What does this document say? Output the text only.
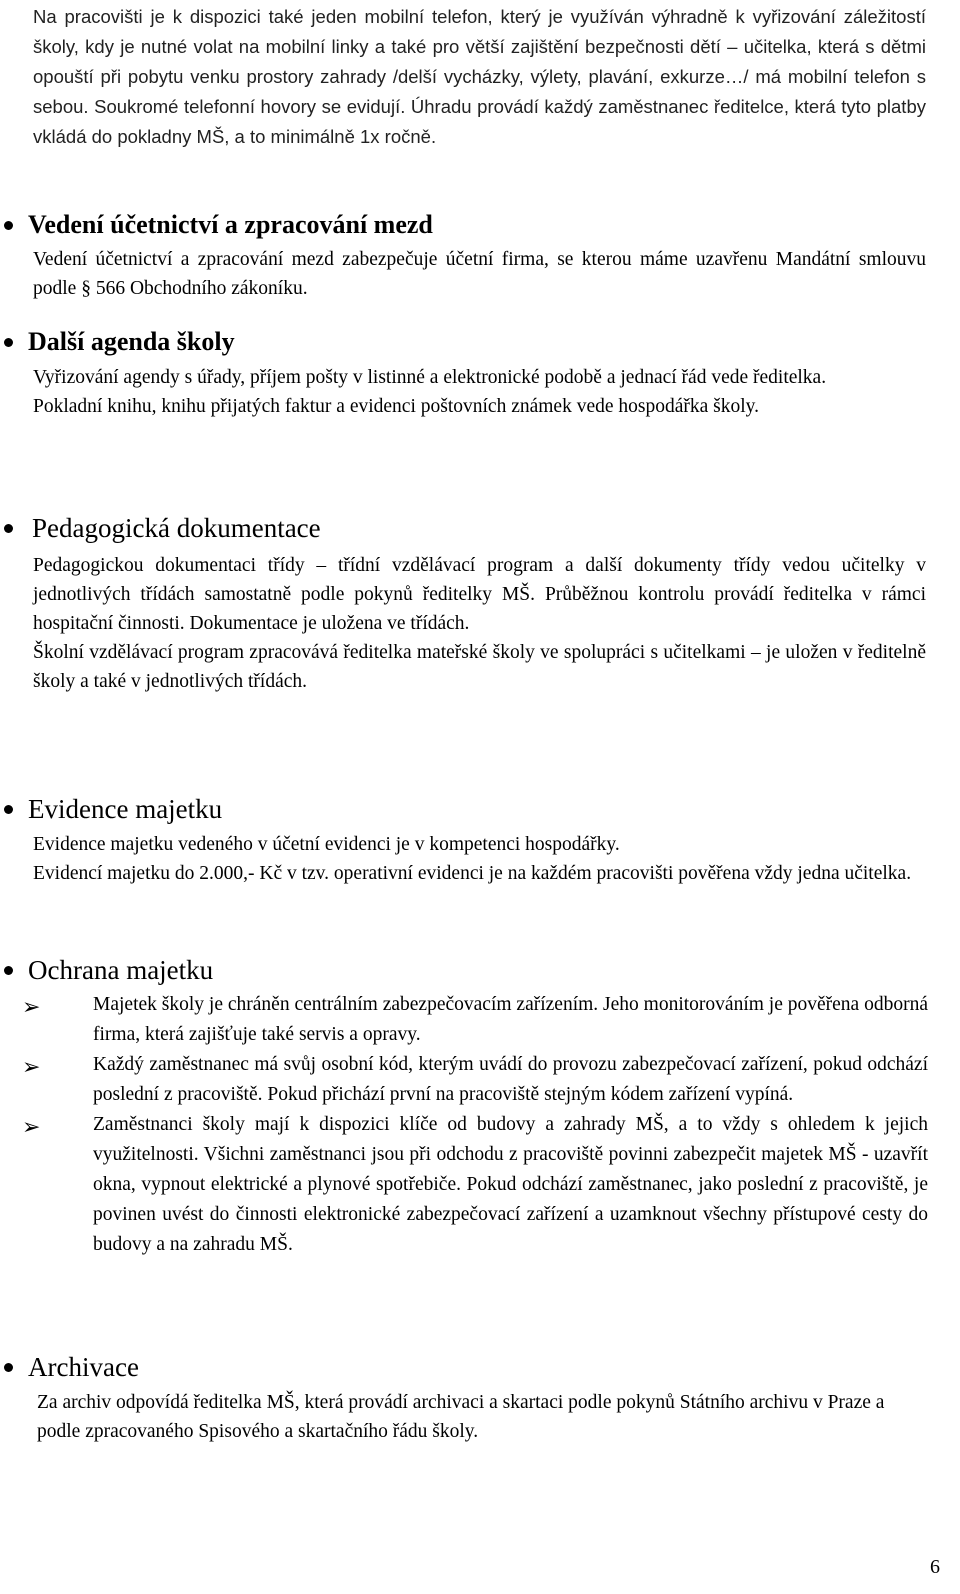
Na pracovišti je k dispozici také jeden mobilní telefon, který je využíván výhradně k vyřizování záležitostí školy, kdy je nutné volat na mobilní linky a také pro větší zajištění bezpečnosti dětí – učitelka, která s dětmi opouští při pobytu venku prostory zahrady /delší vycházky, výlety, plavání, exkurze…/ má mobilní telefon s sebou. Soukromé telefonní hovory se evidují. Úhradu provádí každý zaměstnanec ředitelce, která tyto platby vkládá do pokladny MŠ, a to minimálně 1x ročně.

Vedení účetnictví a zpracování mezd

Vedení účetnictví a zpracování mezd zabezpečuje účetní firma, se kterou máme uzavřenu Mandátní smlouvu podle § 566 Obchodního zákoníku.

Další agenda školy

Vyřizování agendy s úřady, příjem pošty v listinné a elektronické podobě a jednací řád vede ředitelka.

Pokladní knihu, knihu přijatých faktur a evidenci poštovních známek vede hospodářka školy.

Pedagogická dokumentace

Pedagogickou dokumentaci třídy – třídní vzdělávací program a další dokumenty třídy vedou učitelky v jednotlivých třídách samostatně podle pokynů ředitelky MŠ. Průběžnou kontrolu provádí ředitelka v rámci hospitační činnosti. Dokumentace je uložena ve třídách.

Školní vzdělávací program zpracovává ředitelka mateřské školy ve spolupráci s učitelkami – je uložen v ředitelně školy a také v jednotlivých třídách.

Evidence majetku

Evidence majetku vedeného v účetní evidenci je v kompetenci hospodářky.

Evidencí majetku do 2.000,- Kč v tzv. operativní evidenci je na každém pracovišti pověřena vždy jedna učitelka.

Ochrana majetku
➢	Majetek školy je chráněn centrálním zabezpečovacím zařízením. Jeho monitorováním je pověřena odborná firma, která zajišťuje také servis a opravy.
➢	Každý zaměstnanec má svůj osobní kód, kterým uvádí do provozu zabezpečovací zařízení, pokud odchází poslední z pracoviště. Pokud přichází první na pracoviště stejným kódem zařízení vypíná.
➢	Zaměstnanci školy mají k dispozici klíče od budovy a zahrady MŠ, a to vždy s ohledem k jejich využitelnosti. Všichni zaměstnanci jsou při odchodu z pracoviště povinni zabezpečit majetek MŠ - uzavřít okna, vypnout elektrické a plynové spotřebiče. Pokud odchází zaměstnanec, jako poslední z pracoviště, je povinen uvést do činnosti elektronické zabezpečovací zařízení a uzamknout všechny přístupové cesty do budovy a na zahradu MŠ.
Archivace

Za archiv odpovídá ředitelka MŠ, která provádí archivaci a skartaci podle pokynů Státního archivu v Praze a podle zpracovaného Spisového a skartačního řádu školy.

6
